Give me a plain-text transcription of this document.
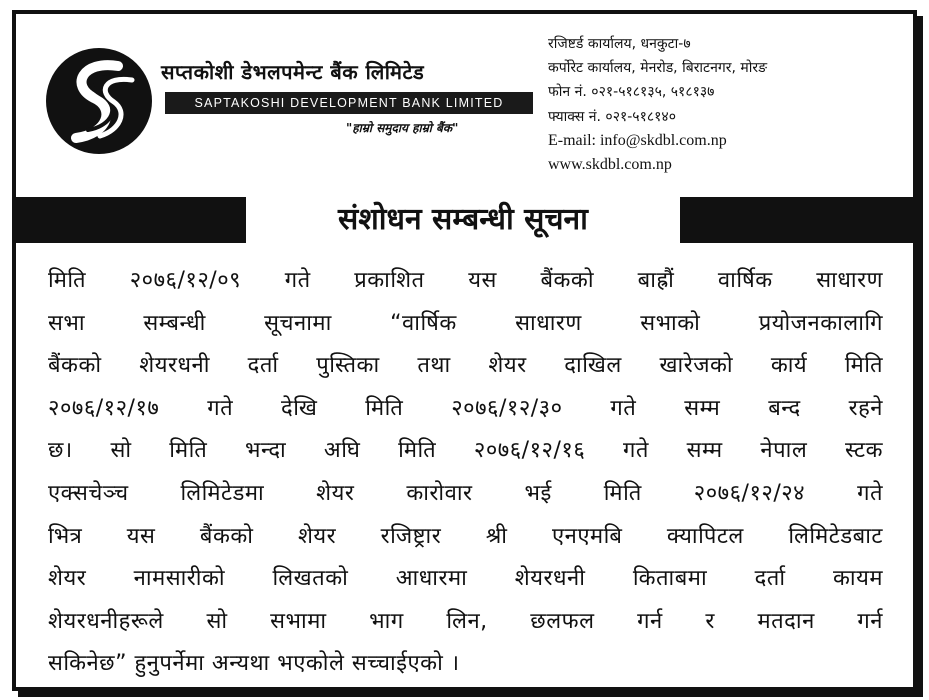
सप्तकोशी डेभलपमेन्ट बैंक लिमिटेड
SAPTAKOSHI DEVELOPMENT BANK LIMITED
"हाम्रो समुदाय हाम्रो बैंक"
रजिष्टर्ड कार्यालय, धनकुटा-७
कर्पोरेट कार्यालय, मेनरोड, बिराटनगर, मोरङ
फोन नं. ०२१-५१८१३५, ५१८१३७
फ्याक्स नं. ०२१-५१८१४०
E-mail: info@skdbl.com.np
www.skdbl.com.np
संशोधन सम्बन्धी सूचना
मिति २०७६/१२/०९ गते प्रकाशित यस बैंकको बाह्रौं वार्षिक साधारण
सभा सम्बन्धी सूचनामा “वार्षिक साधारण सभाको प्रयोजनकालागि
बैंकको शेयरधनी दर्ता पुस्तिका तथा शेयर दाखिल खारेजको कार्य मिति
२०७६/१२/१७ गते देखि मिति २०७६/१२/३० गते सम्म बन्द रहने
छ। सो मिति भन्दा अघि मिति २०७६/१२/१६ गते सम्म नेपाल स्टक
एक्सचेञ्च लिमिटेडमा शेयर कारोवार भई मिति २०७६/१२/२४ गते
भित्र यस बैंकको शेयर रजिष्ट्रार श्री एनएमबि क्यापिटल लिमिटेडबाट
शेयर नामसारीको लिखतको आधारमा शेयरधनी किताबमा दर्ता कायम
शेयरधनीहरूले सो सभामा भाग लिन, छलफल गर्न र मतदान गर्न
सकिनेछ” हुनुपर्नेमा अन्यथा भएकोले सच्चाईएको ।
